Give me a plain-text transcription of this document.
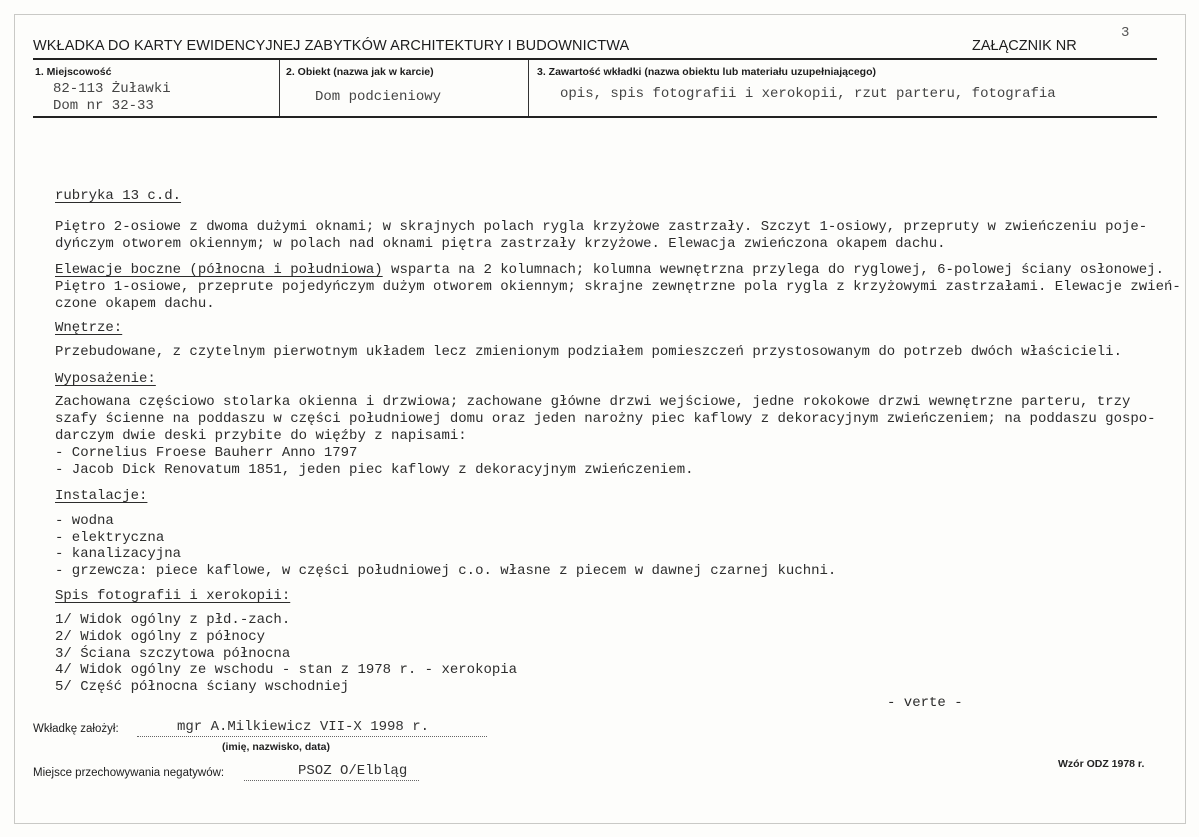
WKŁADKA DO KARTY EWIDENCYJNEJ ZABYTKÓW ARCHITEKTURY I BUDOWNICTWA	ZAŁĄCZNIK NR
3
1. Miejscowość
82-113 Żuławki
Dom nr 32-33
2. Obiekt (nazwa jak w karcie)
Dom podcieniowy
3. Zawartość wkładki (nazwa obiektu lub materiału uzupełniającego)
opis, spis fotografii i xerokopii, rzut parteru, fotografia
rubryka 13 c.d.
Piętro 2-osiowe z dwoma dużymi oknami; w skrajnych polach rygla krzyżowe zastrzały. Szczyt 1-osiowy, przepruty w zwieńczeniu poje-
dyńczym otworem okiennym; w polach nad oknami piętra zastrzały krzyżowe. Elewacja zwieńczona okapem dachu.
Elewacje boczne (północna i południowa) wsparta na 2 kolumnach; kolumna wewnętrzna przylega do ryglowej, 6-polowej ściany osłonowej.
Piętro 1-osiowe, przeprute pojedyńczym dużym otworem okiennym; skrajne zewnętrzne pola rygla z krzyżowymi zastrzałami. Elewacje zwień-
czone okapem dachu.
Wnętrze:
Przebudowane, z czytelnym pierwotnym układem lecz zmienionym podziałem pomieszczeń przystosowanym do potrzeb dwóch właścicieli.
Wyposażenie:
Zachowana częściowo stolarka okienna i drzwiowa; zachowane główne drzwi wejściowe, jedne rokokowe drzwi wewnętrzne parteru, trzy
szafy ścienne na poddaszu w części południowej domu oraz jeden narożny piec kaflowy z dekoracyjnym zwieńczeniem; na poddaszu gospo-
darczym dwie deski przybite do więźby z napisami:
- Cornelius Froese Bauherr Anno 1797
- Jacob Dick Renovatum 1851, jeden piec kaflowy z dekoracyjnym zwieńczeniem.
Instalacje:
- wodna
- elektryczna
- kanalizacyjna
- grzewcza: piece kaflowe, w części południowej c.o. własne z piecem w dawnej czarnej kuchni.
Spis fotografii i xerokopii:
1/ Widok ogólny z płd.-zach.
2/ Widok ogólny z północy
3/ Ściana szczytowa północna
4/ Widok ogólny ze wschodu - stan z 1978 r. - xerokopia
5/ Część północna ściany wschodniej
- verte -
Wkładkę założył:	mgr A.Milkiewicz VII-X 1998 r.
(imię, nazwisko, data)
Miejsce przechowywania negatywów:	PSOZ O/Elbląg	Wzór ODZ 1978 r.
